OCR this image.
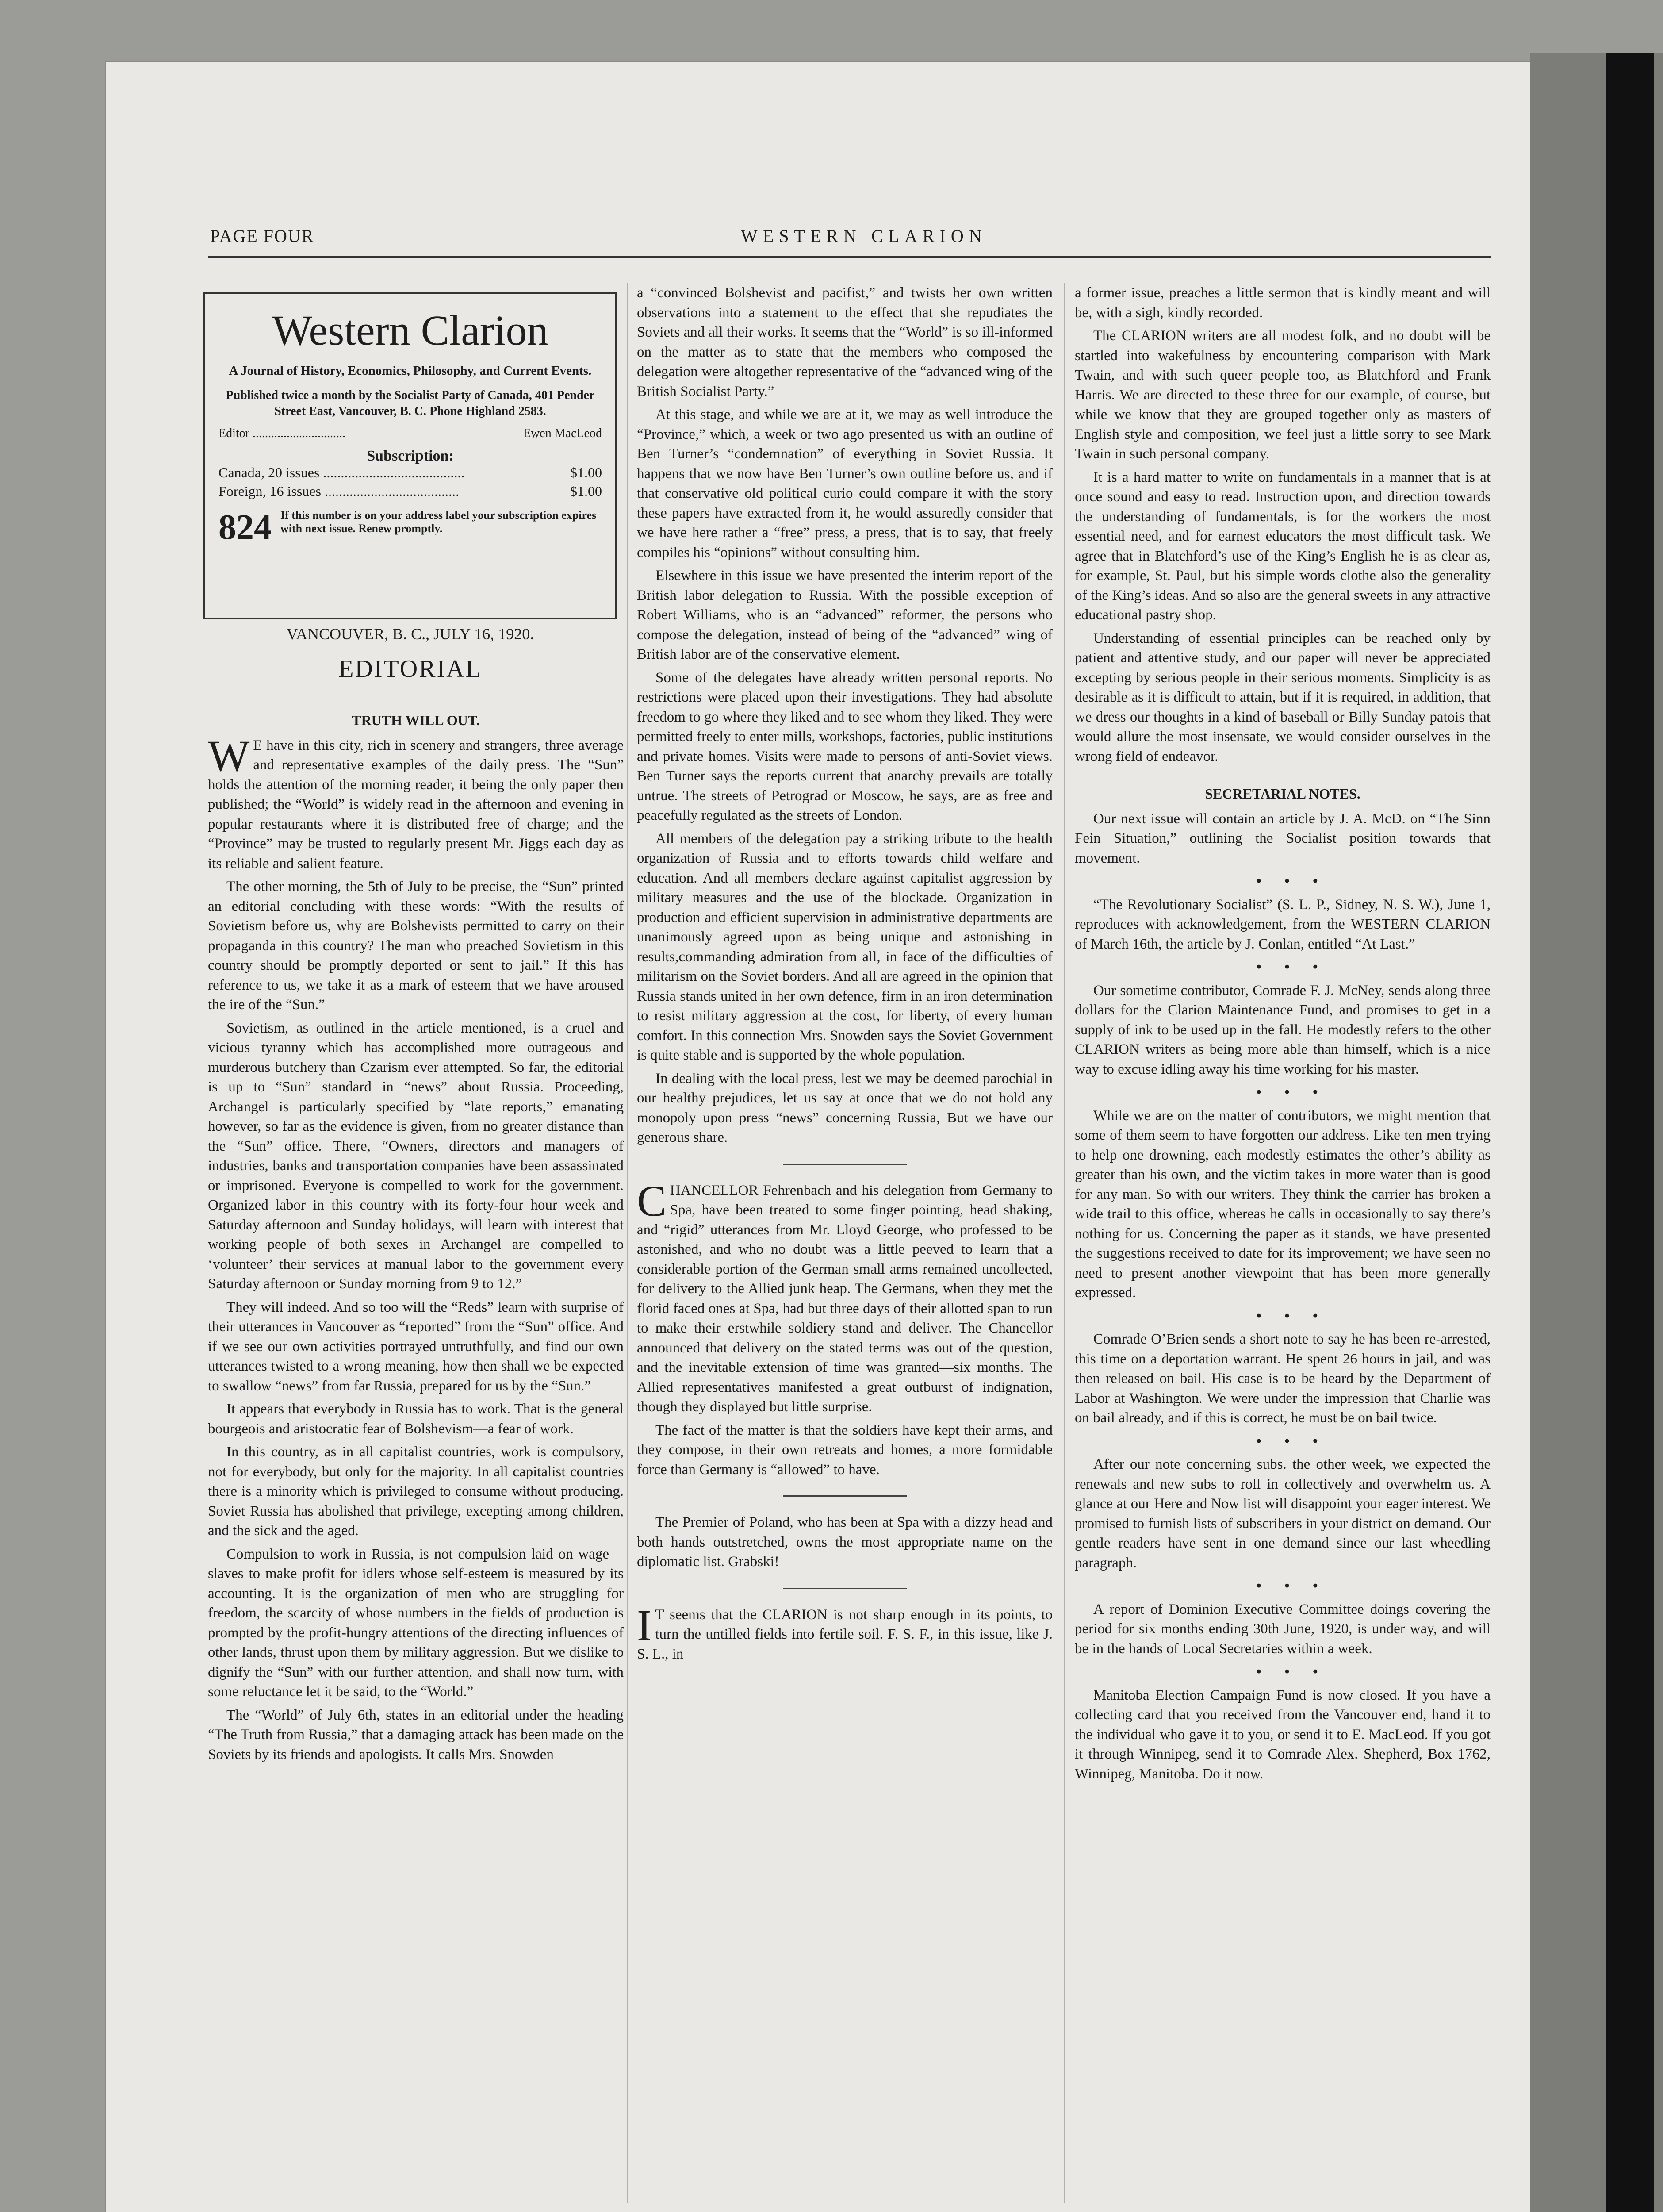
PAGE FOUR	WESTERN CLARION
Western Clarion
A Journal of History, Economics, Philosophy, and Current Events.
Published twice a month by the Socialist Party of Canada, 401 Pender Street East, Vancouver, B. C. Phone Highland 2583.
Editor ..............................	Ewen MacLeod
Subscription:
Canada, 20 issues ........................................	$1.00
Foreign, 16 issues ......................................	$1.00
824 If this number is on your address label your subscription expires with next issue. Renew promptly.
VANCOUVER, B. C., JULY 16, 1920.
EDITORIAL
TRUTH WILL OUT.

W E have in this city, rich in scenery and strangers, three average and representative examples of the daily press. The “Sun” holds the attention of the morning reader, it being the only paper then published; the “World” is widely read in the afternoon and evening in popular restaurants where it is distributed free of charge; and the “Province” may be trusted to regularly present Mr. Jiggs each day as its reliable and salient feature.

The other morning, the 5th of July to be precise, the “Sun” printed an editorial concluding with these words: “With the results of Sovietism before us, why are Bolshevists permitted to carry on their propaganda in this country? The man who preached Sovietism in this country should be promptly deported or sent to jail.” If this has reference to us, we take it as a mark of esteem that we have aroused the ire of the “Sun.”

Sovietism, as outlined in the article mentioned, is a cruel and vicious tyranny which has accomplished more outrageous and murderous butchery than Czarism ever attempted. So far, the editorial is up to “Sun” standard in “news” about Russia. Proceeding, Archangel is particularly specified by “late reports,” emanating however, so far as the evidence is given, from no greater distance than the “Sun” office. There, “Owners, directors and managers of industries, banks and transportation companies have been assassinated or imprisoned. Everyone is compelled to work for the government. Organized labor in this country with its forty-four hour week and Saturday afternoon and Sunday holidays, will learn with interest that working people of both sexes in Archangel are compelled to ‘volunteer’ their services at manual labor to the government every Saturday afternoon or Sunday morning from 9 to 12.”

They will indeed. And so too will the “Reds” learn with surprise of their utterances in Vancouver as “reported” from the “Sun” office. And if we see our own activities portrayed untruthfully, and find our own utterances twisted to a wrong meaning, how then shall we be expected to swallow “news” from far Russia, prepared for us by the “Sun.”

It appears that everybody in Russia has to work. That is the general bourgeois and aristocratic fear of Bolshevism—a fear of work.

In this country, as in all capitalist countries, work is compulsory, not for everybody, but only for the majority. In all capitalist countries there is a minority which is privileged to consume without producing. Soviet Russia has abolished that privilege, excepting among children, and the sick and the aged.

Compulsion to work in Russia, is not compulsion laid on wage—slaves to make profit for idlers whose self-esteem is measured by its accounting. It is the organization of men who are struggling for freedom, the scarcity of whose numbers in the fields of production is prompted by the profit-hungry attentions of the directing influences of other lands, thrust upon them by military aggression. But we dislike to dignify the “Sun” with our further attention, and shall now turn, with some reluctance let it be said, to the “World.”

The “World” of July 6th, states in an editorial under the heading “The Truth from Russia,” that a damaging attack has been made on the Soviets by its friends and apologists. It calls Mrs. Snowden

a “convinced Bolshevist and pacifist,” and twists her own written observations into a statement to the effect that she repudiates the Soviets and all their works. It seems that the “World” is so ill-informed on the matter as to state that the members who composed the delegation were altogether representative of the “advanced wing of the British Socialist Party.”

At this stage, and while we are at it, we may as well introduce the “Province,” which, a week or two ago presented us with an outline of Ben Turner’s “condemnation” of everything in Soviet Russia. It happens that we now have Ben Turner’s own outline before us, and if that conservative old political curio could compare it with the story these papers have extracted from it, he would assuredly consider that we have here rather a “free” press, a press, that is to say, that freely compiles his “opinions” without consulting him.

Elsewhere in this issue we have presented the interim report of the British labor delegation to Russia. With the possible exception of Robert Williams, who is an “advanced” reformer, the persons who compose the delegation, instead of being of the “advanced” wing of British labor are of the conservative element.

Some of the delegates have already written personal reports. No restrictions were placed upon their investigations. They had absolute freedom to go where they liked and to see whom they liked. They were permitted freely to enter mills, workshops, factories, public institutions and private homes. Visits were made to persons of anti-Soviet views. Ben Turner says the reports current that anarchy prevails are totally untrue. The streets of Petrograd or Moscow, he says, are as free and peacefully regulated as the streets of London.

All members of the delegation pay a striking tribute to the health organization of Russia and to efforts towards child welfare and education. And all members declare against capitalist aggression by military measures and the use of the blockade. Organization in production and efficient supervision in administrative departments are unanimously agreed upon as being unique and astonishing in results,commanding admiration from all, in face of the difficulties of militarism on the Soviet borders. And all are agreed in the opinion that Russia stands united in her own defence, firm in an iron determination to resist military aggression at the cost, for liberty, of every human comfort. In this connection Mrs. Snowden says the Soviet Government is quite stable and is supported by the whole population.

In dealing with the local press, lest we may be deemed parochial in our healthy prejudices, let us say at once that we do not hold any monopoly upon press “news” concerning Russia, But we have our generous share.

CHANCELLOR Fehrenbach and his delegation from Germany to Spa, have been treated to some finger pointing, head shaking, and “rigid” utterances from Mr. Lloyd George, who professed to be astonished, and who no doubt was a little peeved to learn that a considerable portion of the German small arms remained uncollected, for delivery to the Allied junk heap. The Germans, when they met the florid faced ones at Spa, had but three days of their allotted span to run to make their erstwhile soldiery stand and deliver. The Chancellor announced that delivery on the stated terms was out of the question, and the inevitable extension of time was granted—six months. The Allied representatives manifested a great outburst of indignation, though they displayed but little surprise.

The fact of the matter is that the soldiers have kept their arms, and they compose, in their own retreats and homes, a more formidable force than Germany is “allowed” to have.

The Premier of Poland, who has been at Spa with a dizzy head and both hands outstretched, owns the most appropriate name on the diplomatic list. Grabski!

I T seems that the CLARION is not sharp enough in its points, to turn the untilled fields into fertile soil. F. S. F., in this issue, like J. S. L., in

a former issue, preaches a little sermon that is kindly meant and will be, with a sigh, kindly recorded.

The CLARION writers are all modest folk, and no doubt will be startled into wakefulness by encountering comparison with Mark Twain, and with such queer people too, as Blatchford and Frank Harris. We are directed to these three for our example, of course, but while we know that they are grouped together only as masters of English style and composition, we feel just a little sorry to see Mark Twain in such personal company.

It is a hard matter to write on fundamentals in a manner that is at once sound and easy to read. Instruction upon, and direction towards the understanding of fundamentals, is for the workers the most essential need, and for earnest educators the most difficult task. We agree that in Blatchford’s use of the King’s English he is as clear as, for example, St. Paul, but his simple words clothe also the generality of the King’s ideas. And so also are the general sweets in any attractive educational pastry shop.

Understanding of essential principles can be reached only by patient and attentive study, and our paper will never be appreciated excepting by serious people in their serious moments. Simplicity is as desirable as it is difficult to attain, but if it is required, in addition, that we dress our thoughts in a kind of baseball or Billy Sunday patois that would allure the most insensate, we would consider ourselves in the wrong field of endeavor.

SECRETARIAL NOTES.

Our next issue will contain an article by J. A. McD. on “The Sinn Fein Situation,” outlining the Socialist position towards that movement.

• • •

“The Revolutionary Socialist” (S. L. P., Sidney, N. S. W.), June 1, reproduces with acknowledgement, from the WESTERN CLARION of March 16th, the article by J. Conlan, entitled “At Last.”

• • •

Our sometime contributor, Comrade F. J. McNey, sends along three dollars for the Clarion Maintenance Fund, and promises to get in a supply of ink to be used up in the fall. He modestly refers to the other CLARION writers as being more able than himself, which is a nice way to excuse idling away his time working for his master.

• • •

While we are on the matter of contributors, we might mention that some of them seem to have forgotten our address. Like ten men trying to help one drowning, each modestly estimates the other’s ability as greater than his own, and the victim takes in more water than is good for any man. So with our writers. They think the carrier has broken a wide trail to this office, whereas he calls in occasionally to say there’s nothing for us. Concerning the paper as it stands, we have presented the suggestions received to date for its improvement; we have seen no need to present another viewpoint that has been more generally expressed.

• • •

Comrade O’Brien sends a short note to say he has been re-arrested, this time on a deportation warrant. He spent 26 hours in jail, and was then released on bail. His case is to be heard by the Department of Labor at Washington. We were under the impression that Charlie was on bail already, and if this is correct, he must be on bail twice.

• • •

After our note concerning subs. the other week, we expected the renewals and new subs to roll in collectively and overwhelm us. A glance at our Here and Now list will disappoint your eager interest. We promised to furnish lists of subscribers in your district on demand. Our gentle readers have sent in one demand since our last wheedling paragraph.

• • •

A report of Dominion Executive Committee doings covering the period for six months ending 30th June, 1920, is under way, and will be in the hands of Local Secretaries within a week.

• • •

Manitoba Election Campaign Fund is now closed. If you have a collecting card that you received from the Vancouver end, hand it to the individual who gave it to you, or send it to E. MacLeod. If you got it through Winnipeg, send it to Comrade Alex. Shepherd, Box 1762, Winnipeg, Manitoba. Do it now.
